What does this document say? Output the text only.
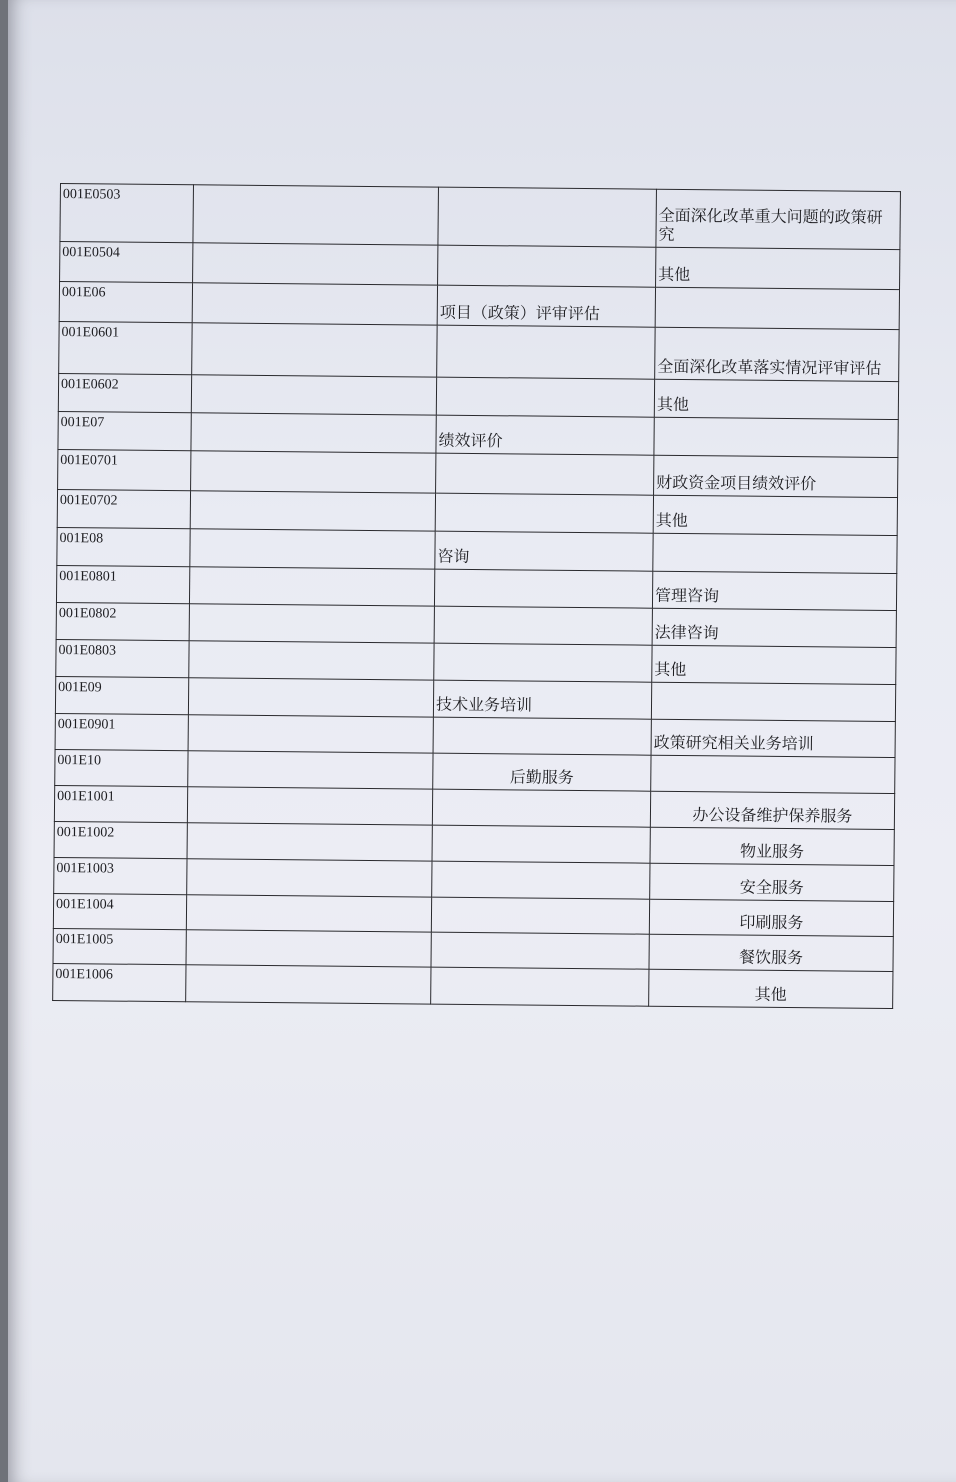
001E0503			全面深化改革重大问题的政策研究
001E0504			其他
001E06		项目（政策）评审评估	
001E0601			全面深化改革落实情况评审评估
001E0602			其他
001E07		绩效评价	
001E0701			财政资金项目绩效评价
001E0702			其他
001E08		咨询	
001E0801			管理咨询
001E0802			法律咨询
001E0803			其他
001E09		技术业务培训	
001E0901			政策研究相关业务培训
001E10		后勤服务	
001E1001			办公设备维护保养服务
001E1002			物业服务
001E1003			安全服务
001E1004			印刷服务
001E1005			餐饮服务
001E1006			其他
